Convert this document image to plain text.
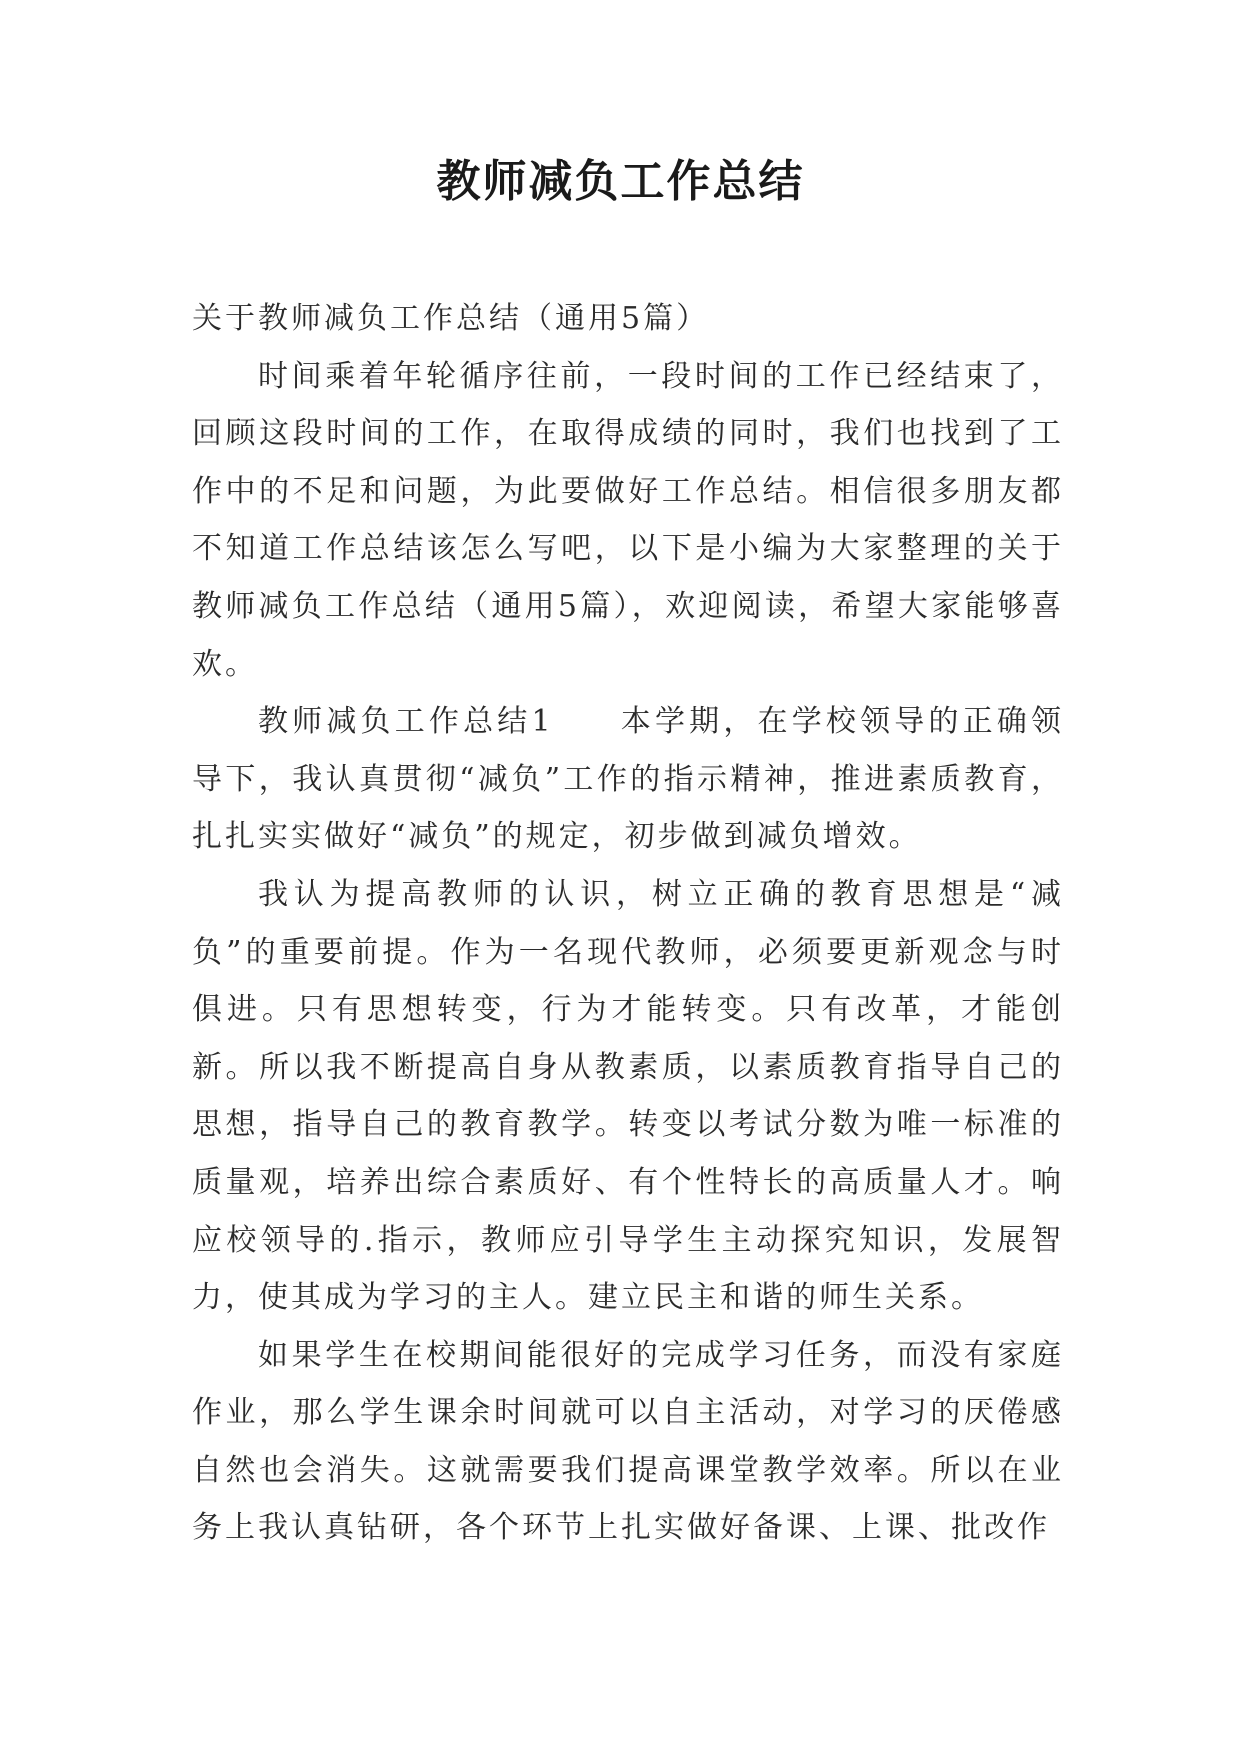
教师减负工作总结

关于教师减负工作总结（通用5篇）

时间乘着年轮循序往前，一段时间的工作已经结束了，回顾这段时间的工作，在取得成绩的同时，我们也找到了工作中的不足和问题，为此要做好工作总结。相信很多朋友都不知道工作总结该怎么写吧，以下是小编为大家整理的关于教师减负工作总结（通用5篇），欢迎阅读，希望大家能够喜欢。

教师减负工作总结1 本学期，在学校领导的正确领导下，我认真贯彻“减负”工作的指示精神，推进素质教育，扎扎实实做好“减负”的规定，初步做到减负增效。

我认为提高教师的认识，树立正确的教育思想是“减负”的重要前提。作为一名现代教师，必须要更新观念与时俱进。只有思想转变，行为才能转变。只有改革，才能创新。所以我不断提高自身从教素质，以素质教育指导自己的思想，指导自己的教育教学。转变以考试分数为唯一标准的质量观，培养出综合素质好、有个性特长的高质量人才。响应校领导的.指示，教师应引导学生主动探究知识，发展智力，使其成为学习的主人。建立民主和谐的师生关系。

如果学生在校期间能很好的完成学习任务，而没有家庭作业，那么学生课余时间就可以自主活动，对学习的厌倦感自然也会消失。这就需要我们提高课堂教学效率。所以在业务上我认真钻研，各个环节上扎实做好备课、上课、批改作
